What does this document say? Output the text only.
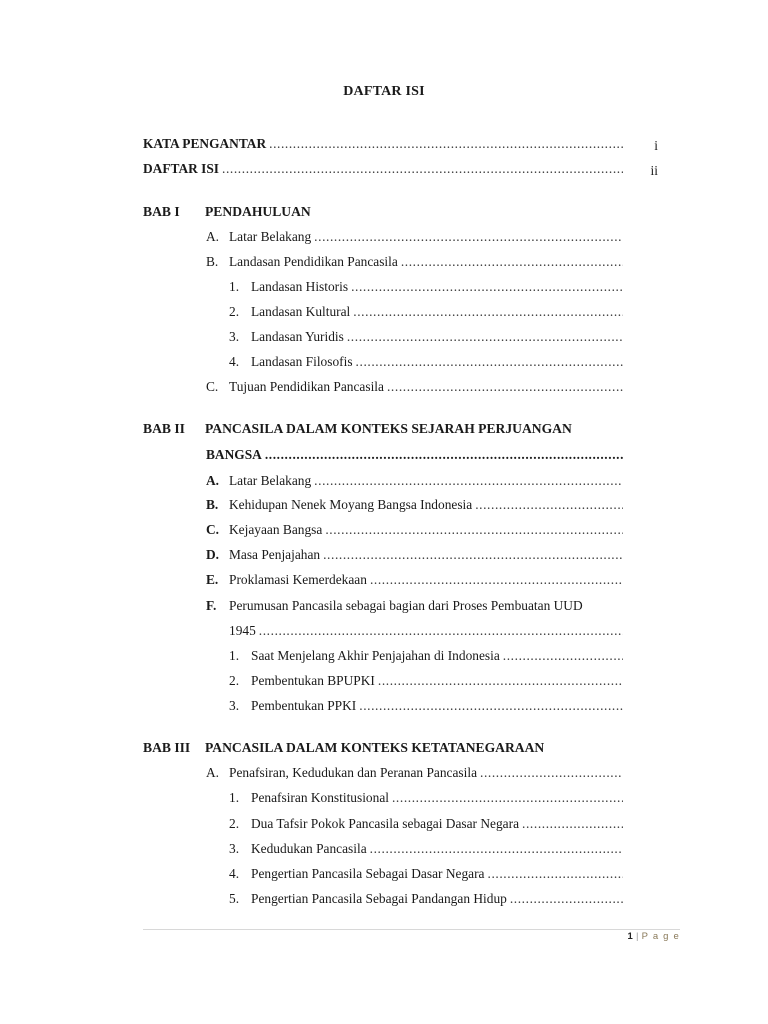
DAFTAR ISI
KATA PENGANTAR .....	i
DAFTAR ISI .....	ii
BAB I PENDAHULUAN
A. Latar Belakang
.....
B. Landasan Pendidikan Pancasila
.....
1. Landasan Historis
.....
2. Landasan Kultural
.....
3. Landasan Yuridis
.....
4. Landasan Filosofis
.....
C. Tujuan Pendidikan Pancasila
.....
BAB II PANCASILA DALAM KONTEKS SEJARAH PERJUANGAN
BANGSA
.....
A. Latar Belakang
.....
B. Kehidupan Nenek Moyang Bangsa Indonesia
.....
C. Kejayaan Bangsa
.....
D. Masa Penjajahan
.....
E. Proklamasi Kemerdekaan
.....
F. Perumusan Pancasila sebagai bagian dari Proses Pembuatan UUD
1945
.....
1. Saat Menjelang Akhir Penjajahan di Indonesia
.....
2. Pembentukan BPUPKI
.....
3. Pembentukan PPKI
.....
BAB III PANCASILA DALAM KONTEKS KETATANEGARAAN
A. Penafsiran, Kedudukan dan Peranan Pancasila
.....
1. Penafsiran Konstitusional
.....
2. Dua Tafsir Pokok Pancasila sebagai Dasar Negara
.....
3. Kedudukan Pancasila
.....
4. Pengertian Pancasila Sebagai Dasar Negara
.....
5. Pengertian Pancasila Sebagai Pandangan Hidup
.....
1 | P a g e
